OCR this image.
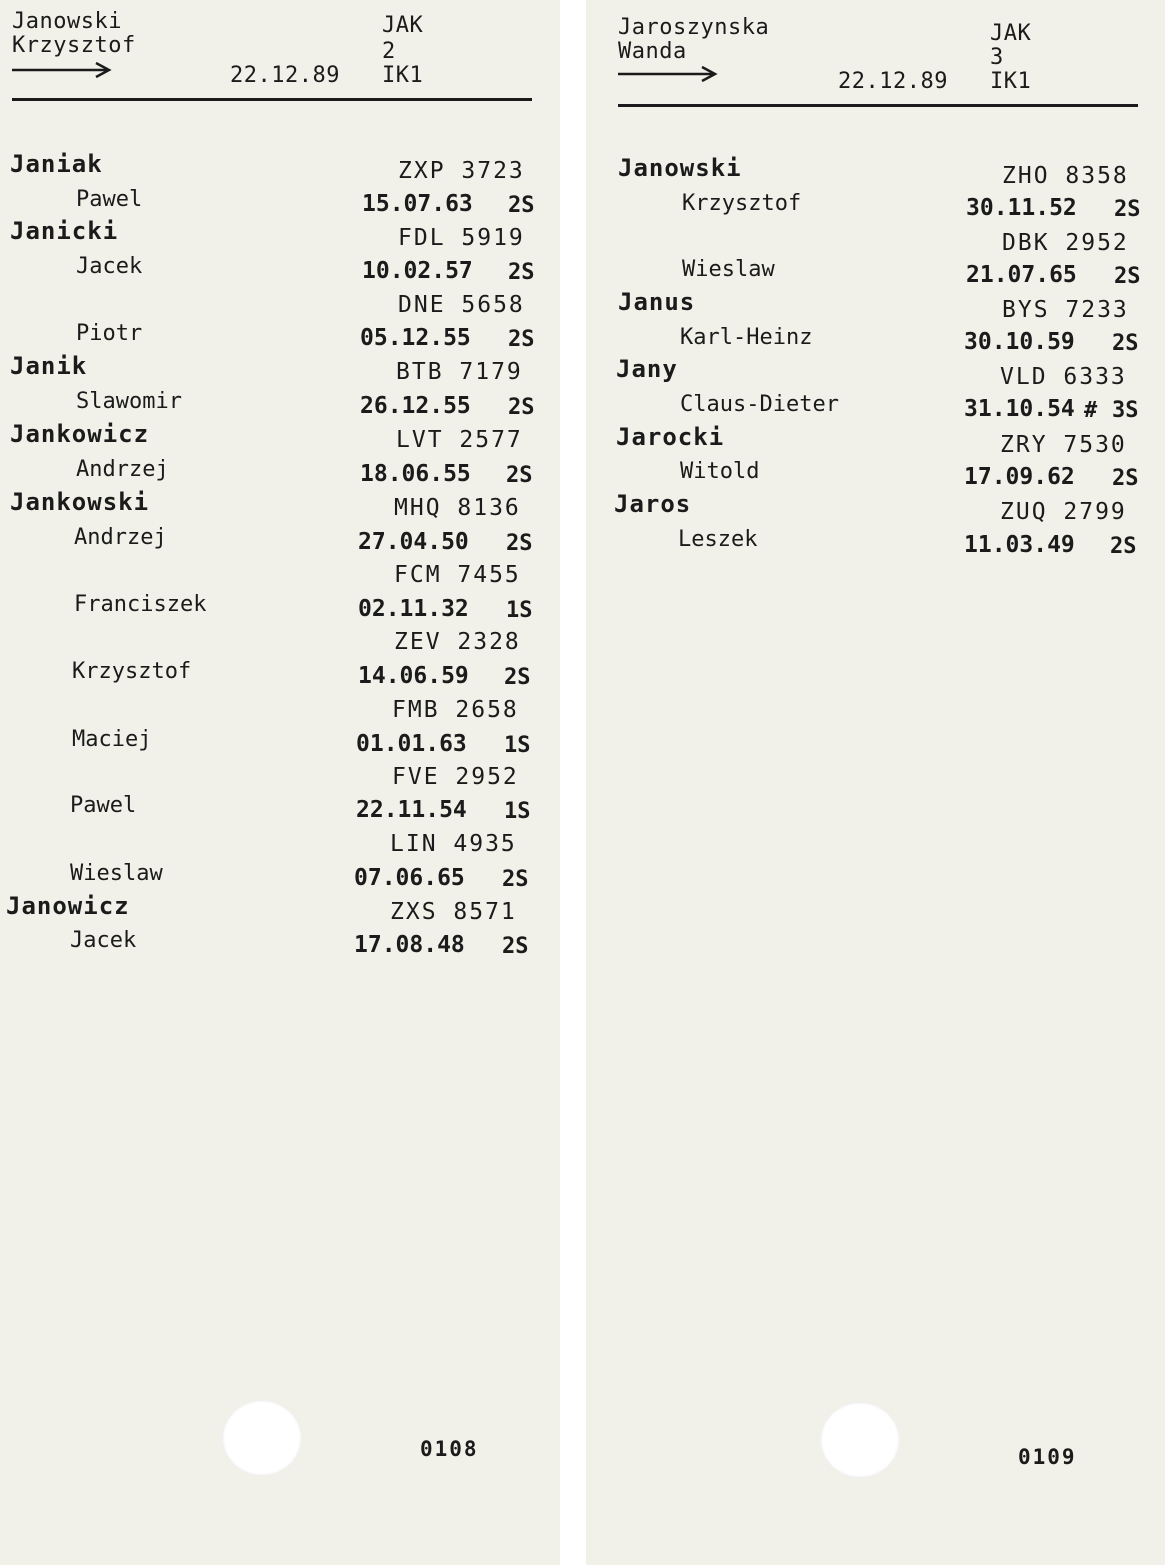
Janowski
Krzysztof
JAK
2
22.12.89 IK1
Janiak	ZXP 3723
Pawel	15.07.63 2S
Janicki	FDL 5919
Jacek	10.02.57 2S
DNE 5658
Piotr	05.12.55 2S
Janik	BTB 7179
Slawomir	26.12.55 2S
Jankowicz	LVT 2577
Andrzej	18.06.55 2S
Jankowski	MHQ 8136
Andrzej	27.04.50 2S
FCM 7455
Franciszek	02.11.32 1S
ZEV 2328
Krzysztof	14.06.59 2S
FMB 2658
Maciej	01.01.63 1S
FVE 2952
Pawel	22.11.54 1S
LIN 4935
Wieslaw	07.06.65 2S
Janowicz	ZXS 8571
Jacek	17.08.48 2S
0108
Jaroszynska
Wanda
JAK
3
22.12.89 IK1
Janowski	ZHO 8358
Krzysztof	30.11.52 2S
DBK 2952
Wieslaw	21.07.65 2S
Janus	BYS 7233
Karl-Heinz	30.10.59 2S
Jany	VLD 6333
Claus-Dieter	31.10.54 # 3S
Jarocki	ZRY 7530
Witold	17.09.62 2S
Jaros	ZUQ 2799
Leszek	11.03.49 2S
0109
